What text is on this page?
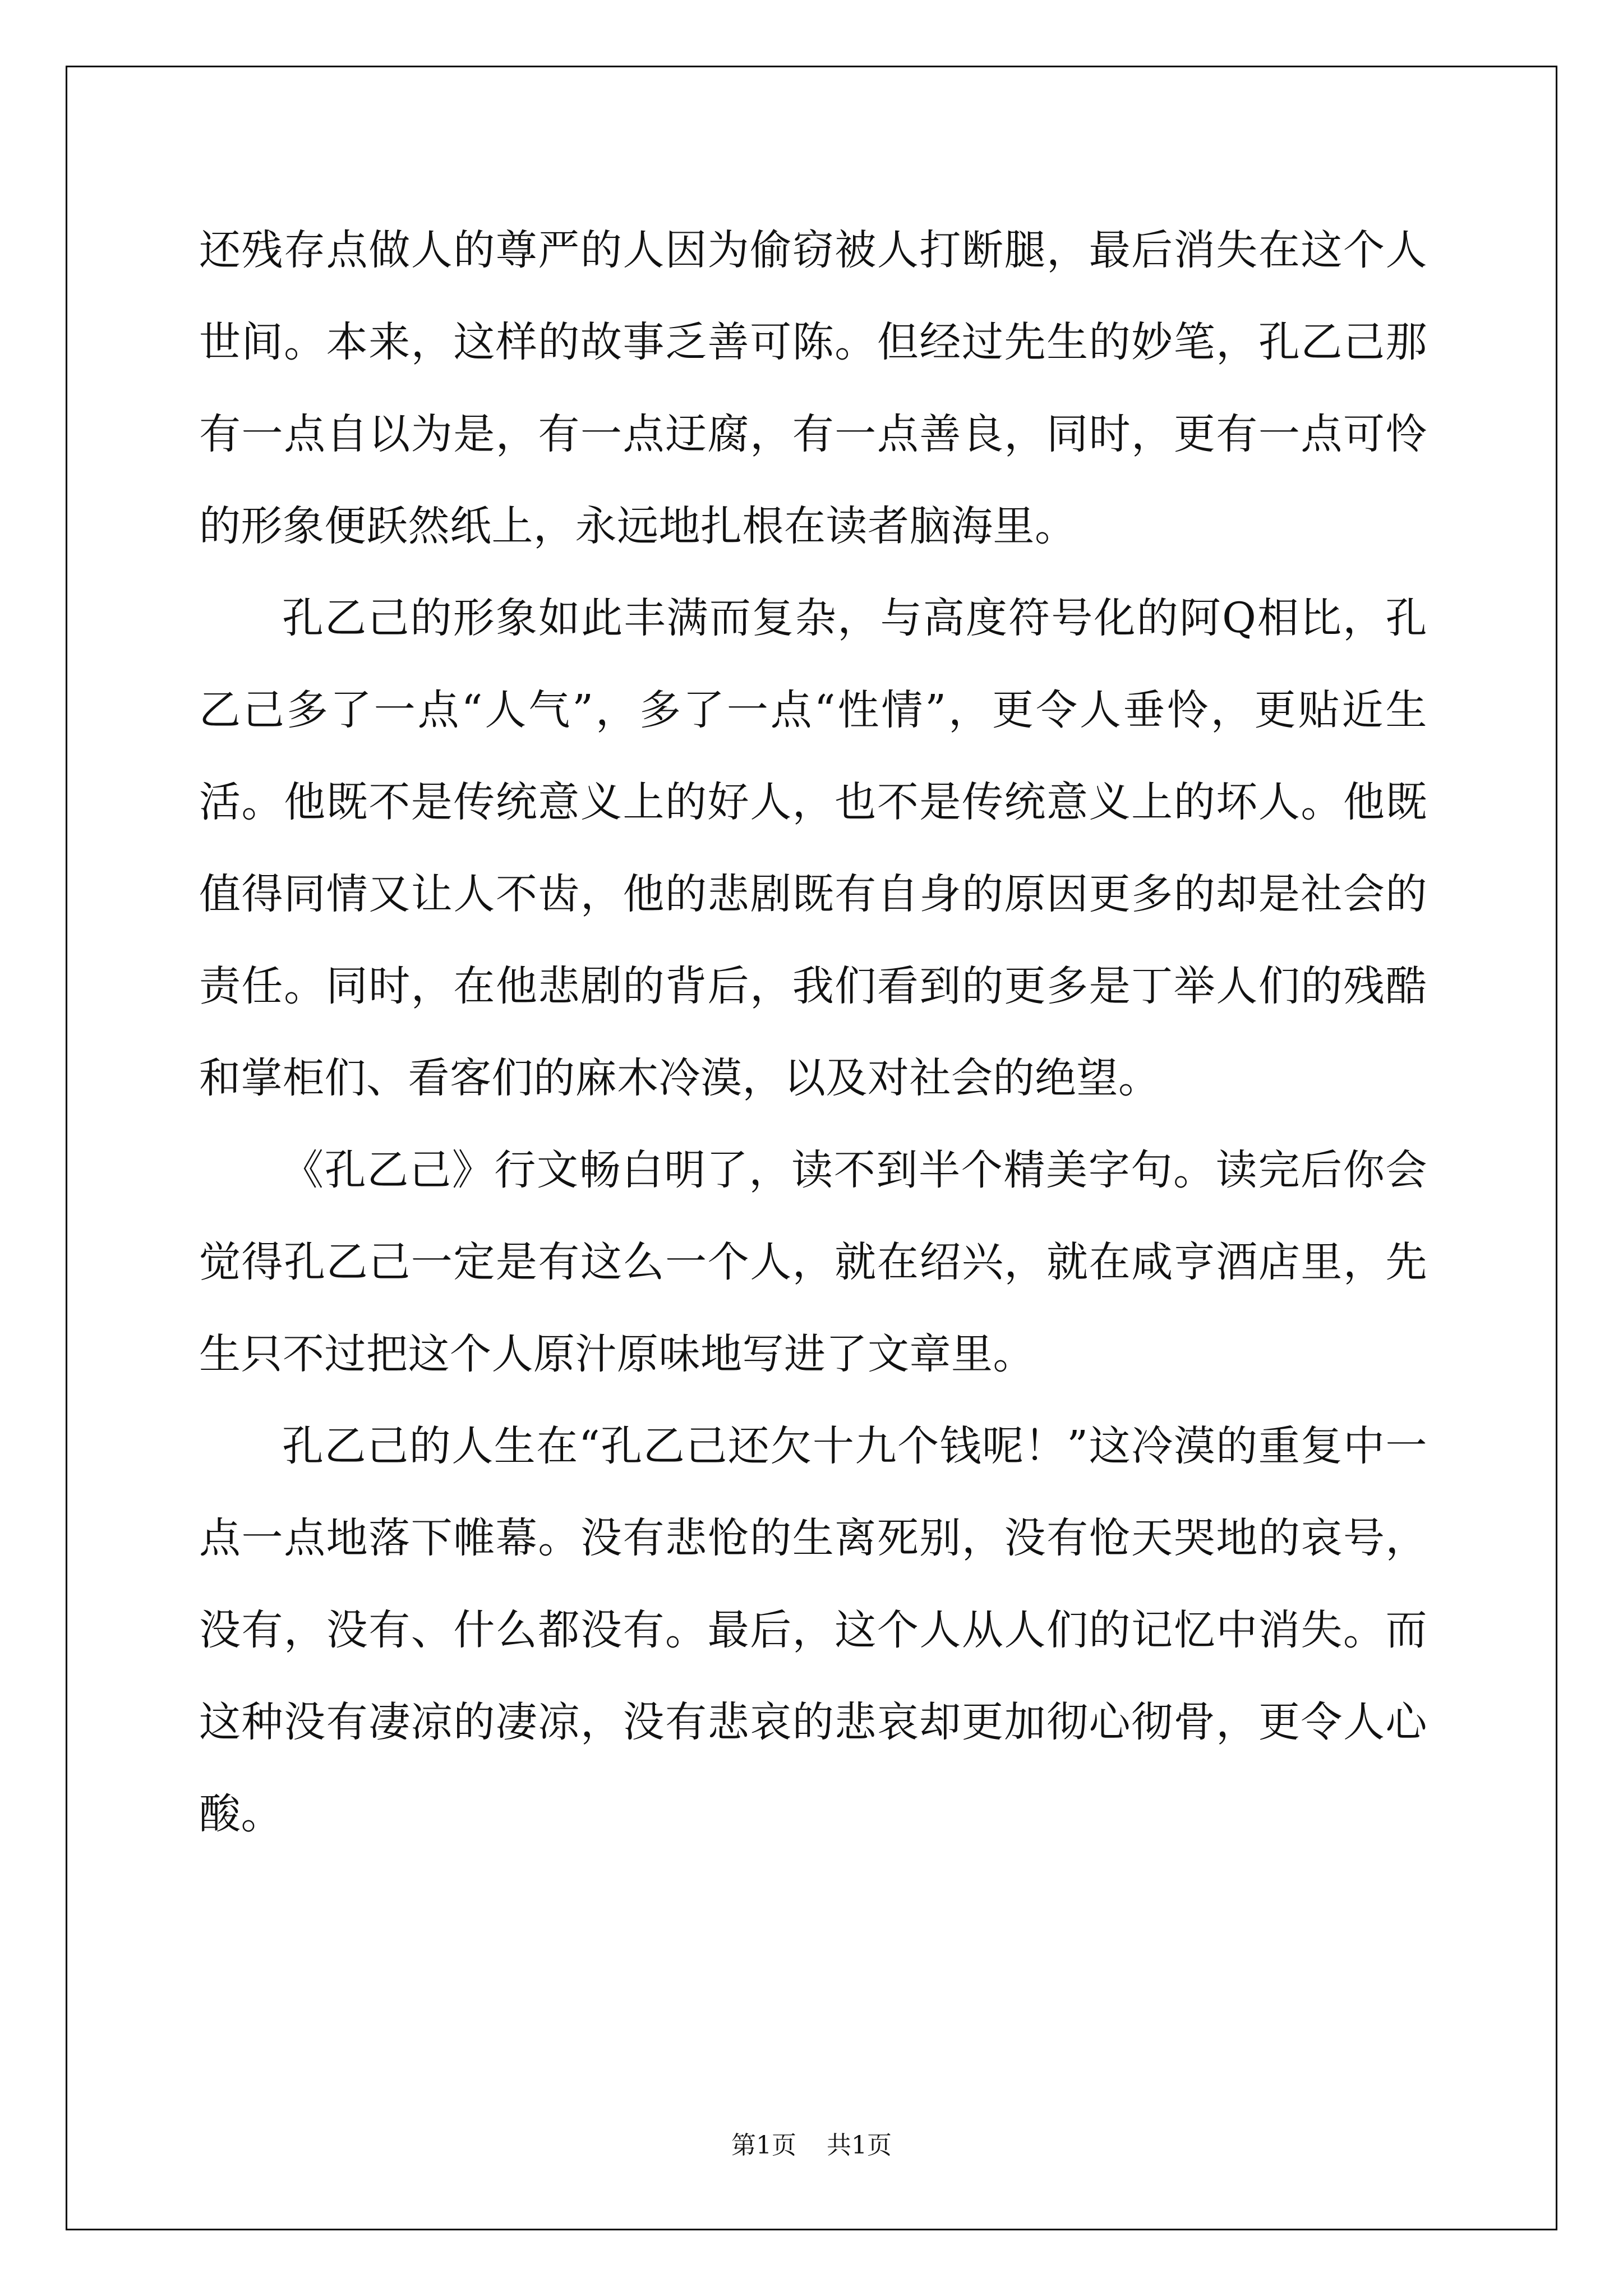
还残存点做人的尊严的人因为偷窃被人打断腿，最后消失在这个人世间。本来，这样的故事乏善可陈。但经过先生的妙笔，孔乙己那有一点自以为是，有一点迂腐，有一点善良，同时，更有一点可怜的形象便跃然纸上，永远地扎根在读者脑海里。

孔乙己的形象如此丰满而复杂，与高度符号化的阿Q相比，孔乙己多了一点“人气”，多了一点“性情”，更令人垂怜，更贴近生活。他既不是传统意义上的好人，也不是传统意义上的坏人。他既值得同情又让人不齿，他的悲剧既有自身的原因更多的却是社会的责任。同时，在他悲剧的背后，我们看到的更多是丁举人们的残酷和掌柜们、看客们的麻木冷漠，以及对社会的绝望。

《孔乙己》行文畅白明了，读不到半个精美字句。读完后你会觉得孔乙己一定是有这么一个人，就在绍兴，就在咸亨酒店里，先生只不过把这个人原汁原味地写进了文章里。

孔乙己的人生在“孔乙己还欠十九个钱呢！”这冷漠的重复中一点一点地落下帷幕。没有悲怆的生离死别，没有怆天哭地的哀号，没有，没有、什么都没有。最后，这个人从人们的记忆中消失。而这种没有凄凉的凄凉，没有悲哀的悲哀却更加彻心彻骨，更令人心酸。

第1页 共1页
